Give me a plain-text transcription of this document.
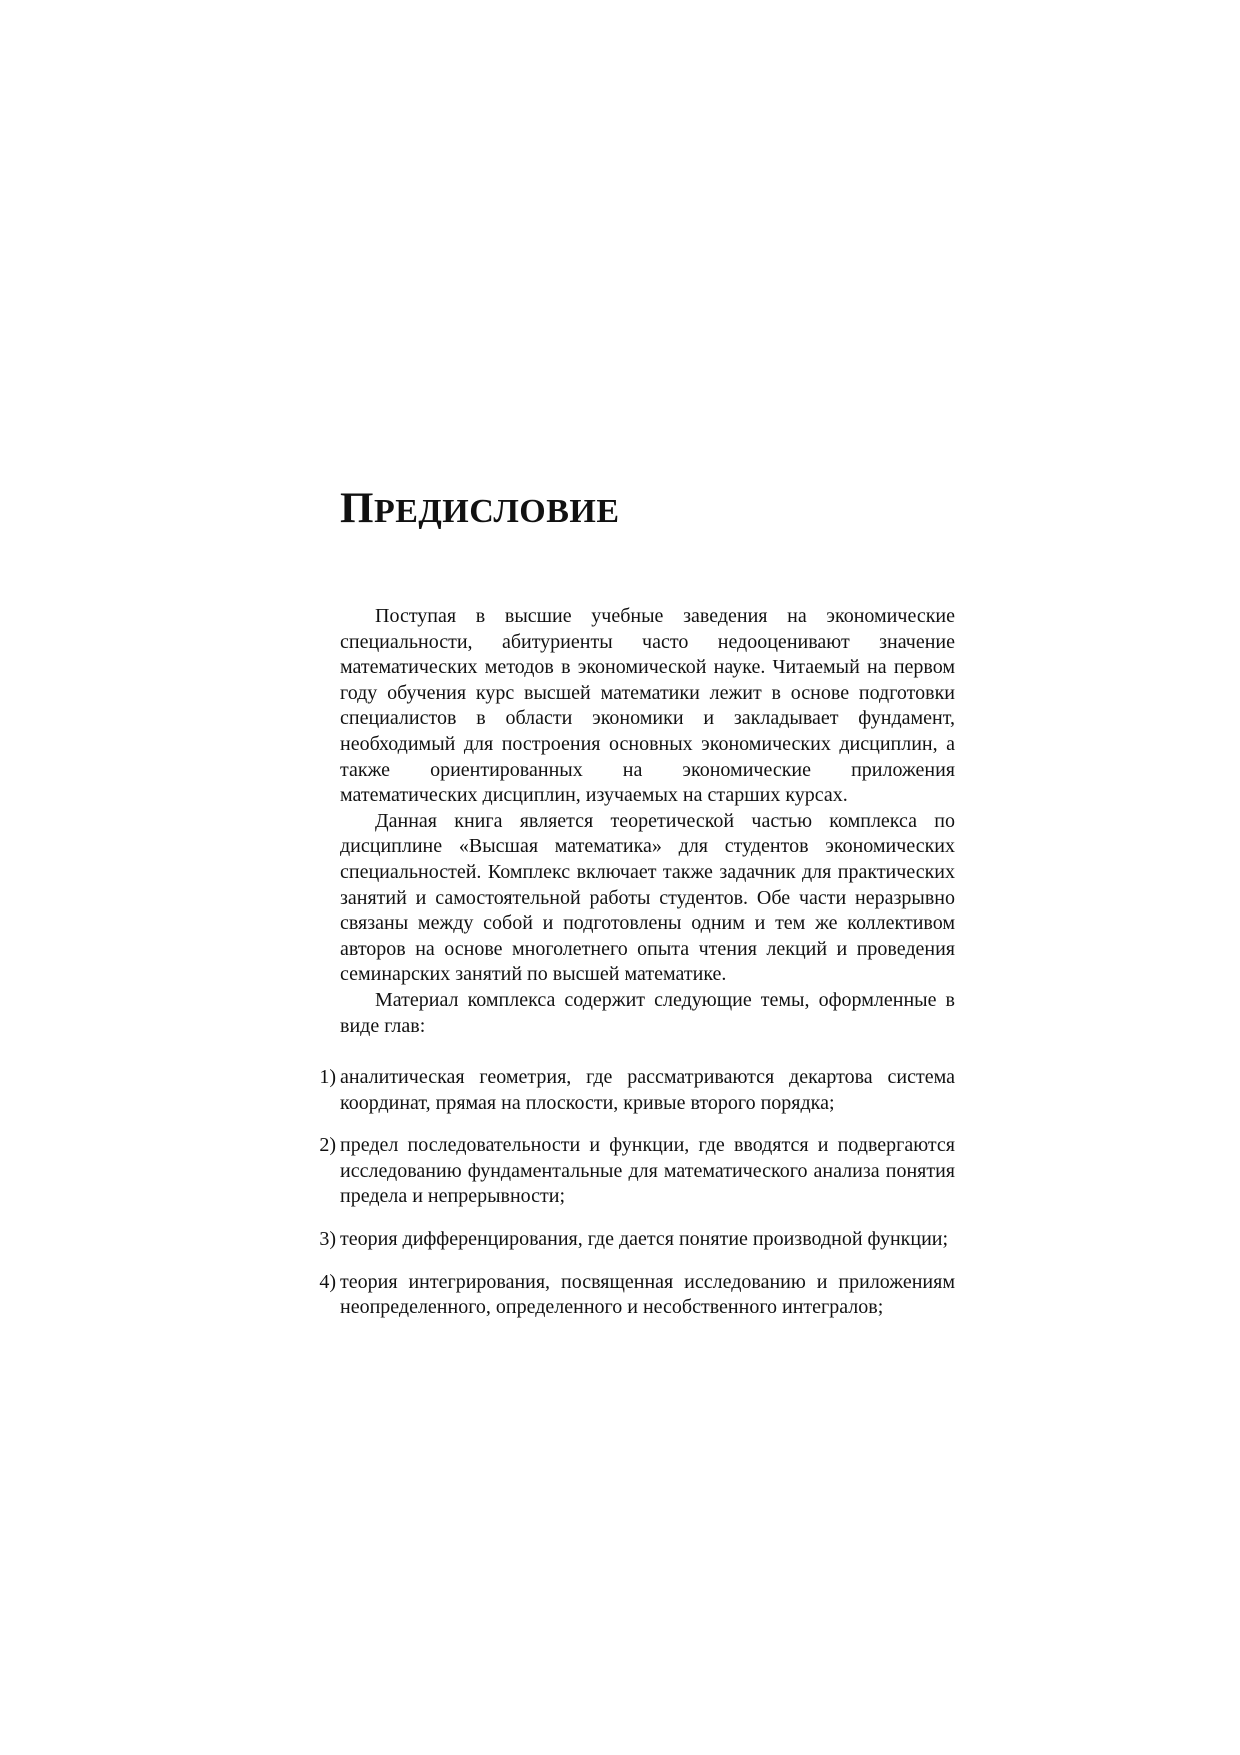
ПРЕДИСЛОВИЕ

Поступая в высшие учебные заведения на экономические специальности, абитуриенты часто недооценивают значение математических методов в экономической науке. Читаемый на первом году обучения курс высшей математики лежит в основе подготовки специалистов в области экономики и закладывает фундамент, необходимый для построения основных экономических дисциплин, а также ориентированных на экономические приложения математических дисциплин, изучаемых на старших курсах.

Данная книга является теоретической частью комплекса по дисциплине «Высшая математика» для студентов экономических специальностей. Комплекс включает также задачник для практических занятий и самостоятельной работы студентов. Обе части неразрывно связаны между собой и подготовлены одним и тем же коллективом авторов на основе многолетнего опыта чтения лекций и проведения семинарских занятий по высшей математике.

Материал комплекса содержит следующие темы, оформленные в виде глав:

1) аналитическая геометрия, где рассматриваются декартова система координат, прямая на плоскости, кривые второго порядка;
2) предел последовательности и функции, где вводятся и подвергаются исследованию фундаментальные для математического анализа понятия предела и непрерывности;
3) теория дифференцирования, где дается понятие производной функции;
4) теория интегрирования, посвященная исследованию и приложениям неопределенного, определенного и несобственного интегралов;
